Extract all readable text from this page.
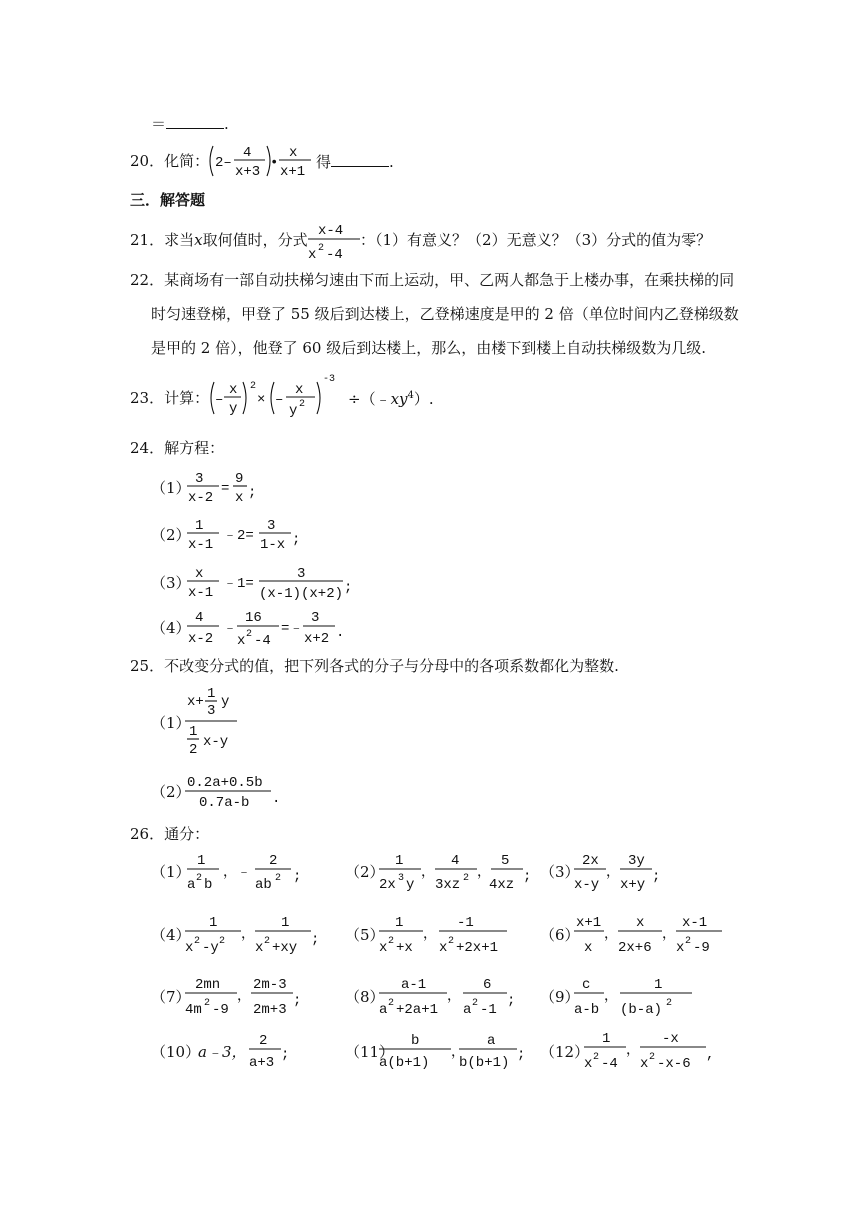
＝	.
20．化简： 2–
4
x+3
•
x
x+1
得	.
三．解答题
21．求当x取何值时，分式 x-4
x 2 -4
：（1）有意义？（2）无意义？（3）分式的值为零？
22．某商场有一部自动扶梯匀速由下而上运动，甲、乙两人都急于上楼办事，在乘扶梯的同
时匀速登梯，甲登了 55 级后到达楼上，乙登梯速度是甲的 2 倍（单位时间内乙登梯级数
是甲的 2 倍），他登了 60 级后到达楼上，那么，由楼下到楼上自动扶梯级数为几级.
23．计算： –
x
y
2
× –
x
y 2
-3
$\div(﹣xy^4)$.
24．解方程：
（1） 3
x-2
=
9
x ;
（2） 1
x-1
﹣2=
3
1-x ;
（3） x
x-1
﹣1=
3
(x-1)(x+2) ;
（4）
4
x-2
﹣
16
x 2 -4
=﹣
3
x+2 .
25．不改变分式的值，把下列各式的分子与分母中的各项系数都化为整数.
（1）
x+ 1
3
y
1
2 x-y
（2）
0.2a+0.5b
0.7a-b .
26．通分：
（1）
1
a 2 b
，﹣
2
ab 2 ;	（2）
1
2x 3 y
，
4
3xz 2 ，
5
4xz ; （3）
2x
x-y
，
3y
x+y ;
（4）
1
x 2 -y 2 ，
1
x 2 +xy ; （5）
1
x 2 +x
，
-1
x 2 +2x+1
（6）
x+1
x
，
x
2x+6
，
x-1
x 2 -9
（7）
2mn
4m 2 -9
，
2m-3
2m+3
;	（8）
a-1
a 2 +2a+1
，
6
a 2 -1
; （9）
c
a-b
，
1
(b-a) 2
（10）
a﹣3，
2
a+3 ;	（11）
b
a(b+1)
，
a
b(b+1) ; （12）
1
x 2 -4
，
-x
x 2 -x-6
,
